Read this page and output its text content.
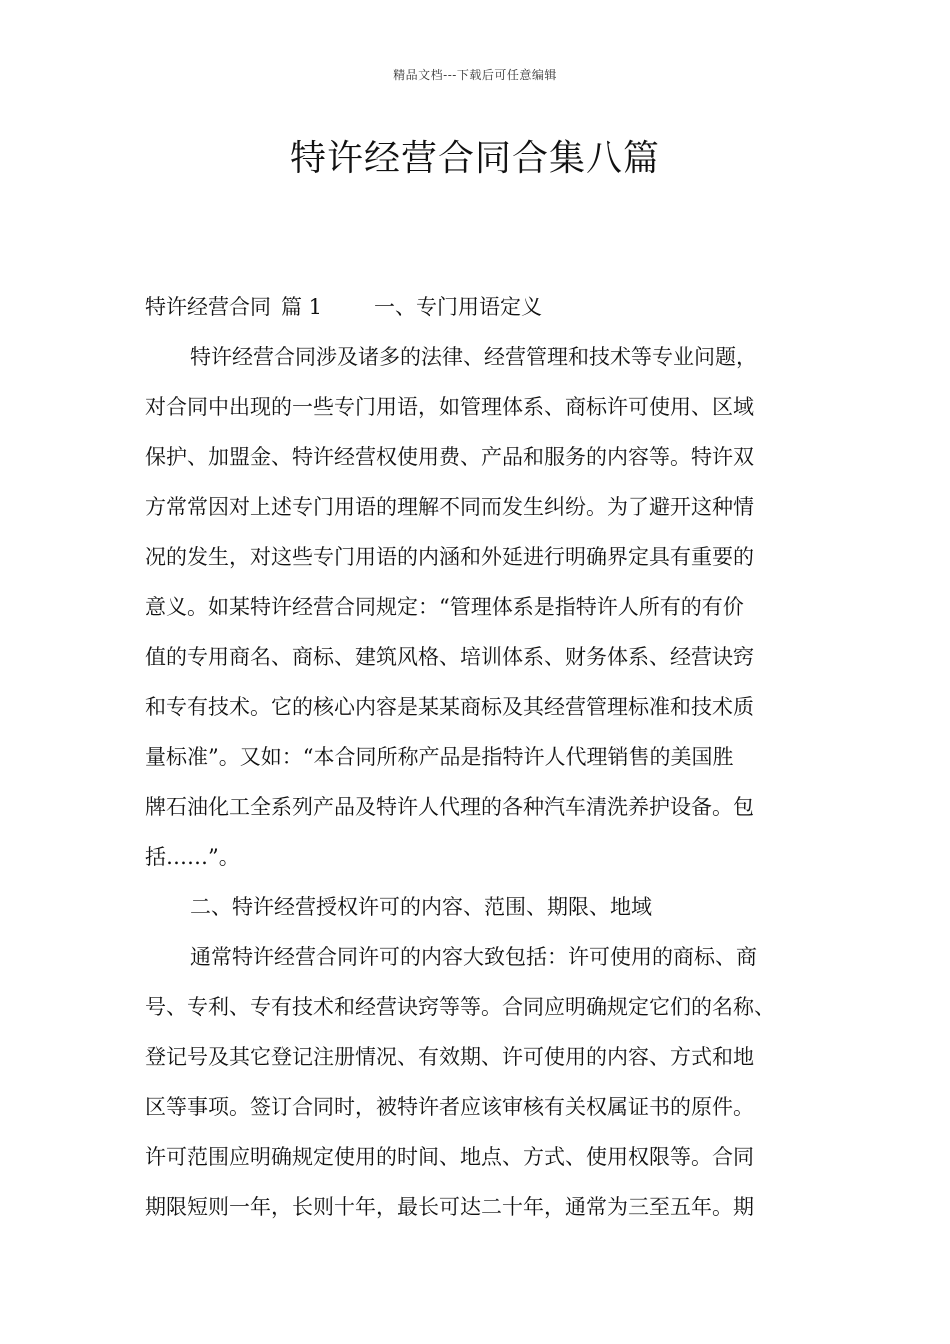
精品文档---下载后可任意编辑
特许经营合同合集八篇
特许经营合同 篇 1 一、专门用语定义
特许经营合同涉及诸多的法律、经营管理和技术等专业问题，
对合同中出现的一些专门用语，如管理体系、商标许可使用、区域
保护、加盟金、特许经营权使用费、产品和服务的内容等。特许双
方常常因对上述专门用语的理解不同而发生纠纷。为了避开这种情
况的发生，对这些专门用语的内涵和外延进行明确界定具有重要的
意义。如某特许经营合同规定：“管理体系是指特许人所有的有价
值的专用商名、商标、建筑风格、培训体系、财务体系、经营诀窍
和专有技术。它的核心内容是某某商标及其经营管理标准和技术质
量标准”。又如：“本合同所称产品是指特许人代理销售的美国胜
牌石油化工全系列产品及特许人代理的各种汽车清洗养护设备。包
括……”。
二、特许经营授权许可的内容、范围、期限、地域
通常特许经营合同许可的内容大致包括：许可使用的商标、商
号、专利、专有技术和经营诀窍等等。合同应明确规定它们的名称、
登记号及其它登记注册情况、有效期、许可使用的内容、方式和地
区等事项。签订合同时，被特许者应该审核有关权属证书的原件。
许可范围应明确规定使用的时间、地点、方式、使用权限等。合同
期限短则一年，长则十年，最长可达二十年，通常为三至五年。期
